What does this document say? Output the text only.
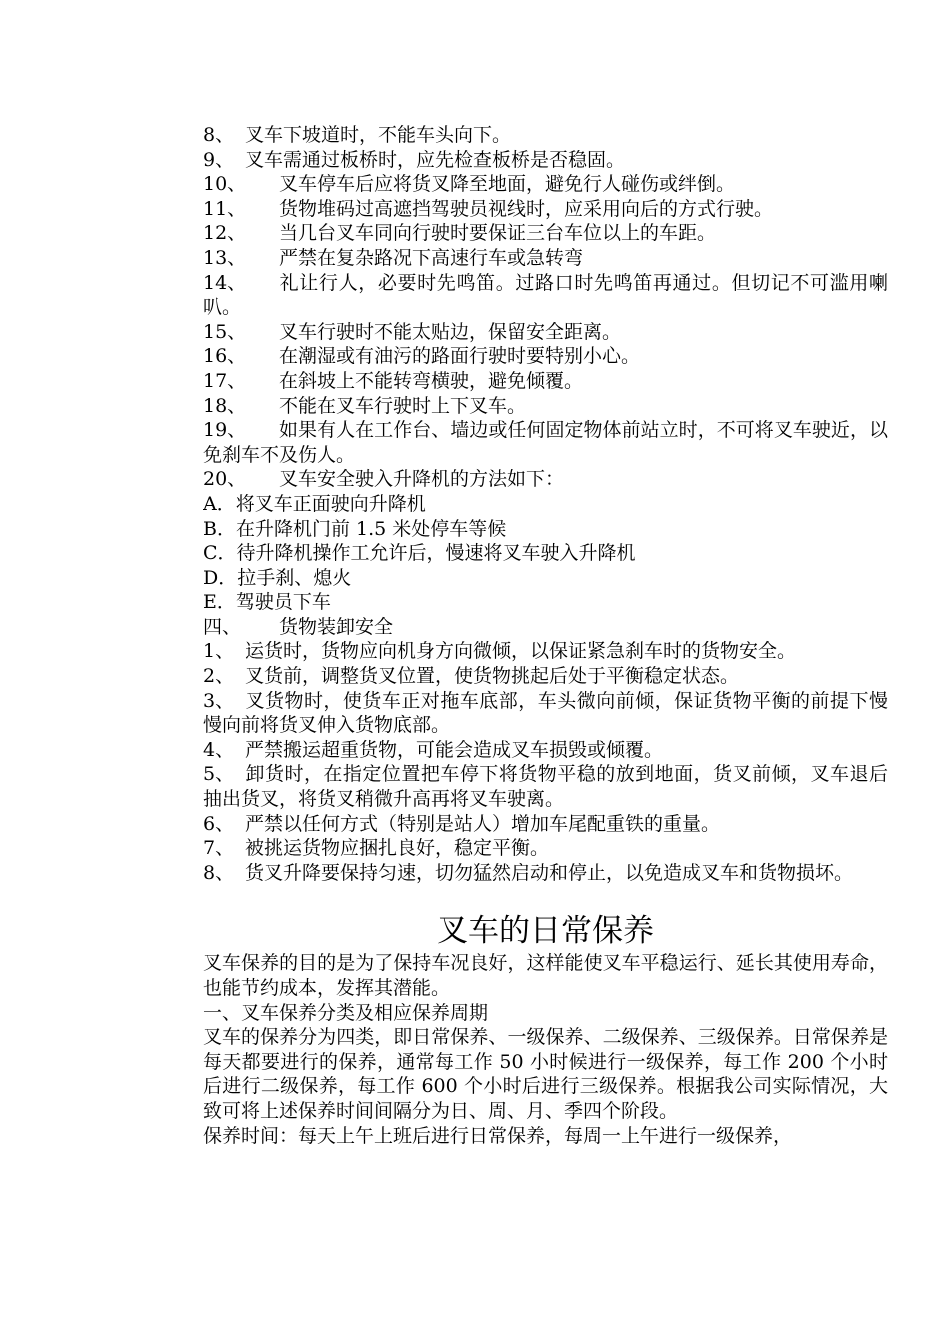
8、 叉车下坡道时，不能车头向下。
9、 叉车需通过板桥时，应先检查板桥是否稳固。
10、 叉车停车后应将货叉降至地面，避免行人碰伤或绊倒。
11、 货物堆码过高遮挡驾驶员视线时，应采用向后的方式行驶。
12、 当几台叉车同向行驶时要保证三台车位以上的车距。
13、 严禁在复杂路况下高速行车或急转弯
14、 礼让行人，必要时先鸣笛。过路口时先鸣笛再通过。但切记不可滥用喇叭。
15、 叉车行驶时不能太贴边，保留安全距离。
16、 在潮湿或有油污的路面行驶时要特别小心。
17、 在斜坡上不能转弯横驶，避免倾覆。
18、 不能在叉车行驶时上下叉车。
19、 如果有人在工作台、墙边或任何固定物体前站立时，不可将叉车驶近，以免刹车不及伤人。
20、 叉车安全驶入升降机的方法如下：
A．将叉车正面驶向升降机
B．在升降机门前 1.5 米处停车等候
C．待升降机操作工允许后，慢速将叉车驶入升降机
D．拉手刹、熄火
E．驾驶员下车
四、 货物装卸安全
1、 运货时，货物应向机身方向微倾，以保证紧急刹车时的货物安全。
2、 叉货前，调整货叉位置，使货物挑起后处于平衡稳定状态。
3、 叉货物时，使货车正对拖车底部，车头微向前倾，保证货物平衡的前提下慢慢向前将货叉伸入货物底部。
4、 严禁搬运超重货物，可能会造成叉车损毁或倾覆。
5、 卸货时，在指定位置把车停下将货物平稳的放到地面，货叉前倾，叉车退后抽出货叉，将货叉稍微升高再将叉车驶离。
6、 严禁以任何方式（特别是站人）增加车尾配重铁的重量。
7、 被挑运货物应捆扎良好，稳定平衡。
8、 货叉升降要保持匀速，切勿猛然启动和停止，以免造成叉车和货物损坏。
叉车的日常保养
叉车保养的目的是为了保持车况良好，这样能使叉车平稳运行、延长其使用寿命，也能节约成本，发挥其潜能。
一、叉车保养分类及相应保养周期
叉车的保养分为四类，即日常保养、一级保养、二级保养、三级保养。日常保养是每天都要进行的保养，通常每工作 50 小时候进行一级保养，每工作 200 个小时后进行二级保养，每工作 600 个小时后进行三级保养。根据我公司实际情况，大致可将上述保养时间间隔分为日、周、月、季四个阶段。
保养时间：每天上午上班后进行日常保养，每周一上午进行一级保养，
